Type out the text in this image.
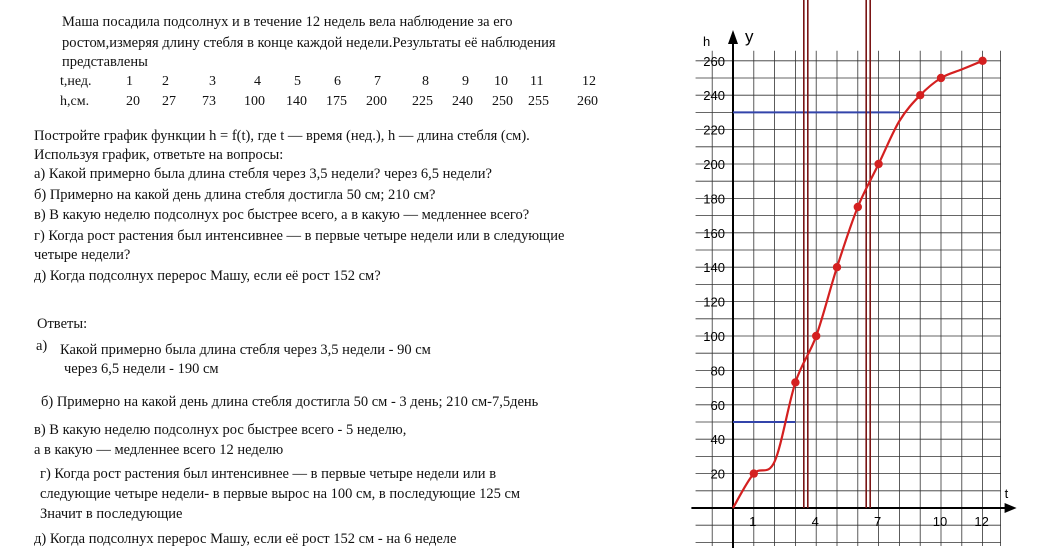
Маша посадила подсолнух и в течение 12 недель вела наблюдение за его
ростом,измеряя длину стебля в конце каждой недели.Результаты её наблюдения
представлены
t,нед. 1 2	3	4 5 6 7	8 9 10 11	12
h,см.	20 27 73 100 140 175 200 225 240 250 255 260
Постройте график функции h = f(t), где t — время (нед.), h — длина стебля (см).
Используя график, ответьте на вопросы:
а) Какой примерно была длина стебля через 3,5 недели? через 6,5 недели?
б) Примерно на какой день длина стебля достигла 50 см; 210 см?
в) В какую неделю подсолнух рос быстрее всего, а в какую — медленнее всего?
г) Когда рост растения был интенсивнее — в первые четыре недели или в следующие
четыре недели?
д) Когда подсолнух перерос Машу, если её рост 152 см?
Ответы:
а) Какой примерно была длина стебля через 3,5 недели - 90 см
через 6,5 недели - 190 см
б) Примерно на какой день длина стебля достигла 50 см - 3 день; 210 см-7,5день
в) В какую неделю подсолнух рос быстрее всего - 5 неделю,
а в какую — медленнее всего 12 неделю
г) Когда рост растения был интенсивнее — в первые четыре недели или в
следующие четыре недели- в первые вырос на 100 см, в последующие 125 см
Значит в последующие
д) Когда подсолнух перерос Машу, если её рост 152 см - на 6 неделе
у
h
t
20
40
60
80
100
120
140
160
180
200
220
240
260
1	4	7	10 12
